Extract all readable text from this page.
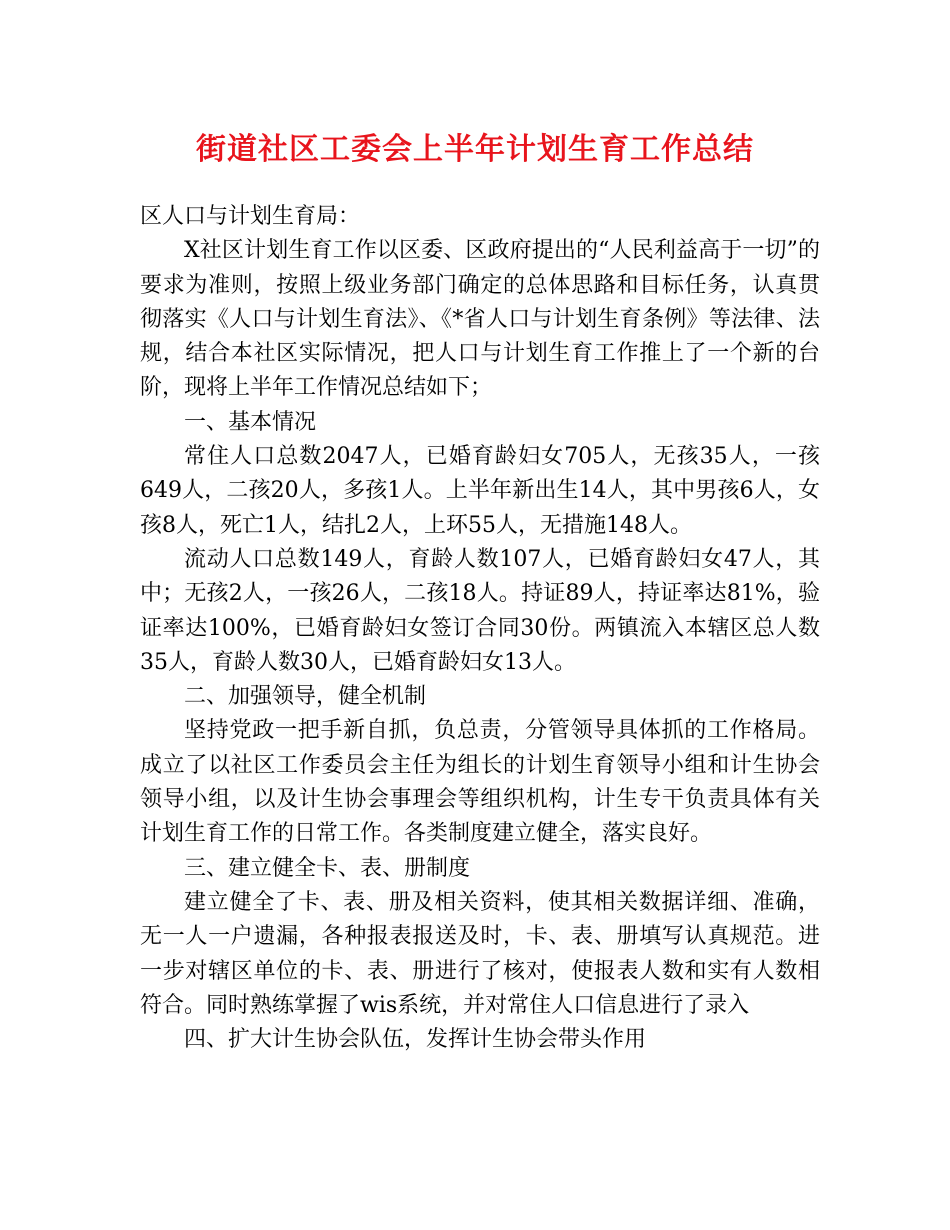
街道社区工委会上半年计划生育工作总结

区人口与计划生育局：

X社区计划生育工作以区委、区政府提出的“人民利益高于一切”的要求为准则，按照上级业务部门确定的总体思路和目标任务，认真贯彻落实《人口与计划生育法》、《*省人口与计划生育条例》等法律、法规，结合本社区实际情况，把人口与计划生育工作推上了一个新的台阶，现将上半年工作情况总结如下；

一、基本情况

常住人口总数2047人，已婚育龄妇女705人，无孩35人，一孩649人，二孩20人，多孩1人。上半年新出生14人，其中男孩6人，女孩8人，死亡1人，结扎2人，上环55人，无措施148人。

流动人口总数149人，育龄人数107人，已婚育龄妇女47人，其中；无孩2人，一孩26人，二孩18人。持证89人，持证率达81%，验证率达100%，已婚育龄妇女签订合同30份。两镇流入本辖区总人数35人，育龄人数30人，已婚育龄妇女13人。

二、加强领导，健全机制

坚持党政一把手新自抓，负总责，分管领导具体抓的工作格局。成立了以社区工作委员会主任为组长的计划生育领导小组和计生协会领导小组，以及计生协会事理会等组织机构，计生专干负责具体有关计划生育工作的日常工作。各类制度建立健全，落实良好。

三、建立健全卡、表、册制度

建立健全了卡、表、册及相关资料，使其相关数据详细、准确，无一人一户遗漏，各种报表报送及时，卡、表、册填写认真规范。进一步对辖区单位的卡、表、册进行了核对，使报表人数和实有人数相符合。同时熟练掌握了wis系统，并对常住人口信息进行了录入

四、扩大计生协会队伍，发挥计生协会带头作用
